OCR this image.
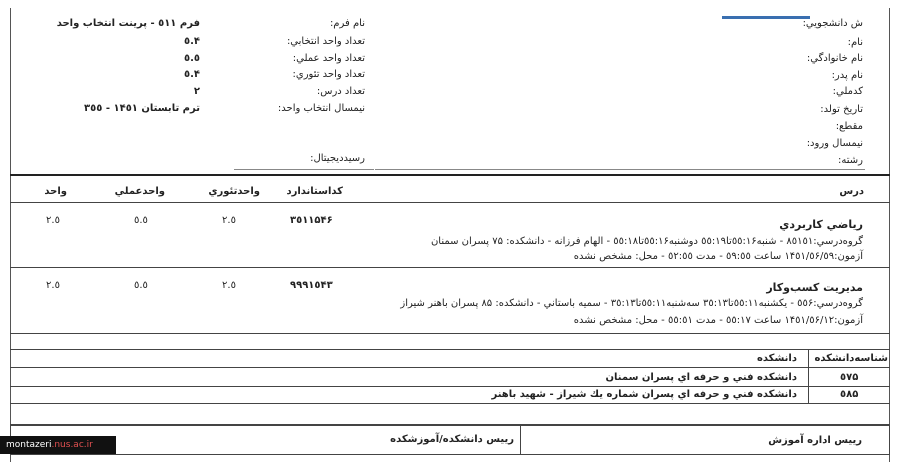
ش دانشجويي:
نام:
نام خانوادگي:
نام پدر:
کدملي:
تاريخ تولد:
مقطع:
نيمسال ورود:
رشته:
نام فرم:
تعداد واحد انتخابي:
تعداد واحد عملي:
تعداد واحد تئوري:
تعداد درس:
نيمسال انتخاب واحد:
رسيدديجيتال:
فرم ٥١١ - پرينت انتخاب واحد
۴.٥
٥.٥
۴.٥
۲
ترم تابستان ١۴٥١ - ٣٥٥
درس
کداستاندارد
واحدتئوري
واحدعملي
واحد
رياضي کاربردي
٣٥١١۵۴۶
۲.٥
٥.٥
۲.٥
گروه‌درسي:٨٥١٥١ - شنبه٥٥:١۶تا٥٥:١٩ دوشنبه٥٥:١۶تا٥٥:١٨ - الهام فرزانه - دانشکده: ٧۵ پسران سمنان
آزمون:١۴٥١/٥۶/٥٩ ساعت ٥٩:٥٥ - مدت ٥٢:٥٥ - محل: مشخص نشده
مديريت کسب‌وکار
٩٩٩١٥۴٣
۲.٥
٥.٥
۲.٥
گروه‌درسي:٥٥۶ - يکشنبه٥٥:١١تا٣٥:١٣ سه‌شنبه٥٥:١١تا٣٥:١٣ - سميه باستاني - دانشکده: ٨۵ پسران باهنر شيراز
آزمون:١۴٥١/٥۶/١٢ ساعت ٥٥:١٧ - مدت ٥٥:٥١ - محل: مشخص نشده
شناسه‌دانشکده
دانشکده
٥٧۵
دانشکده فني و حرفه اي پسران سمنان
٥٨۵
دانشکده فني و حرفه اي پسران شماره يك شيراز - شهيد باهنر
رييس اداره آموزش
رييس دانشکده/آموزشکده
montazeri.nus.ac.ir
